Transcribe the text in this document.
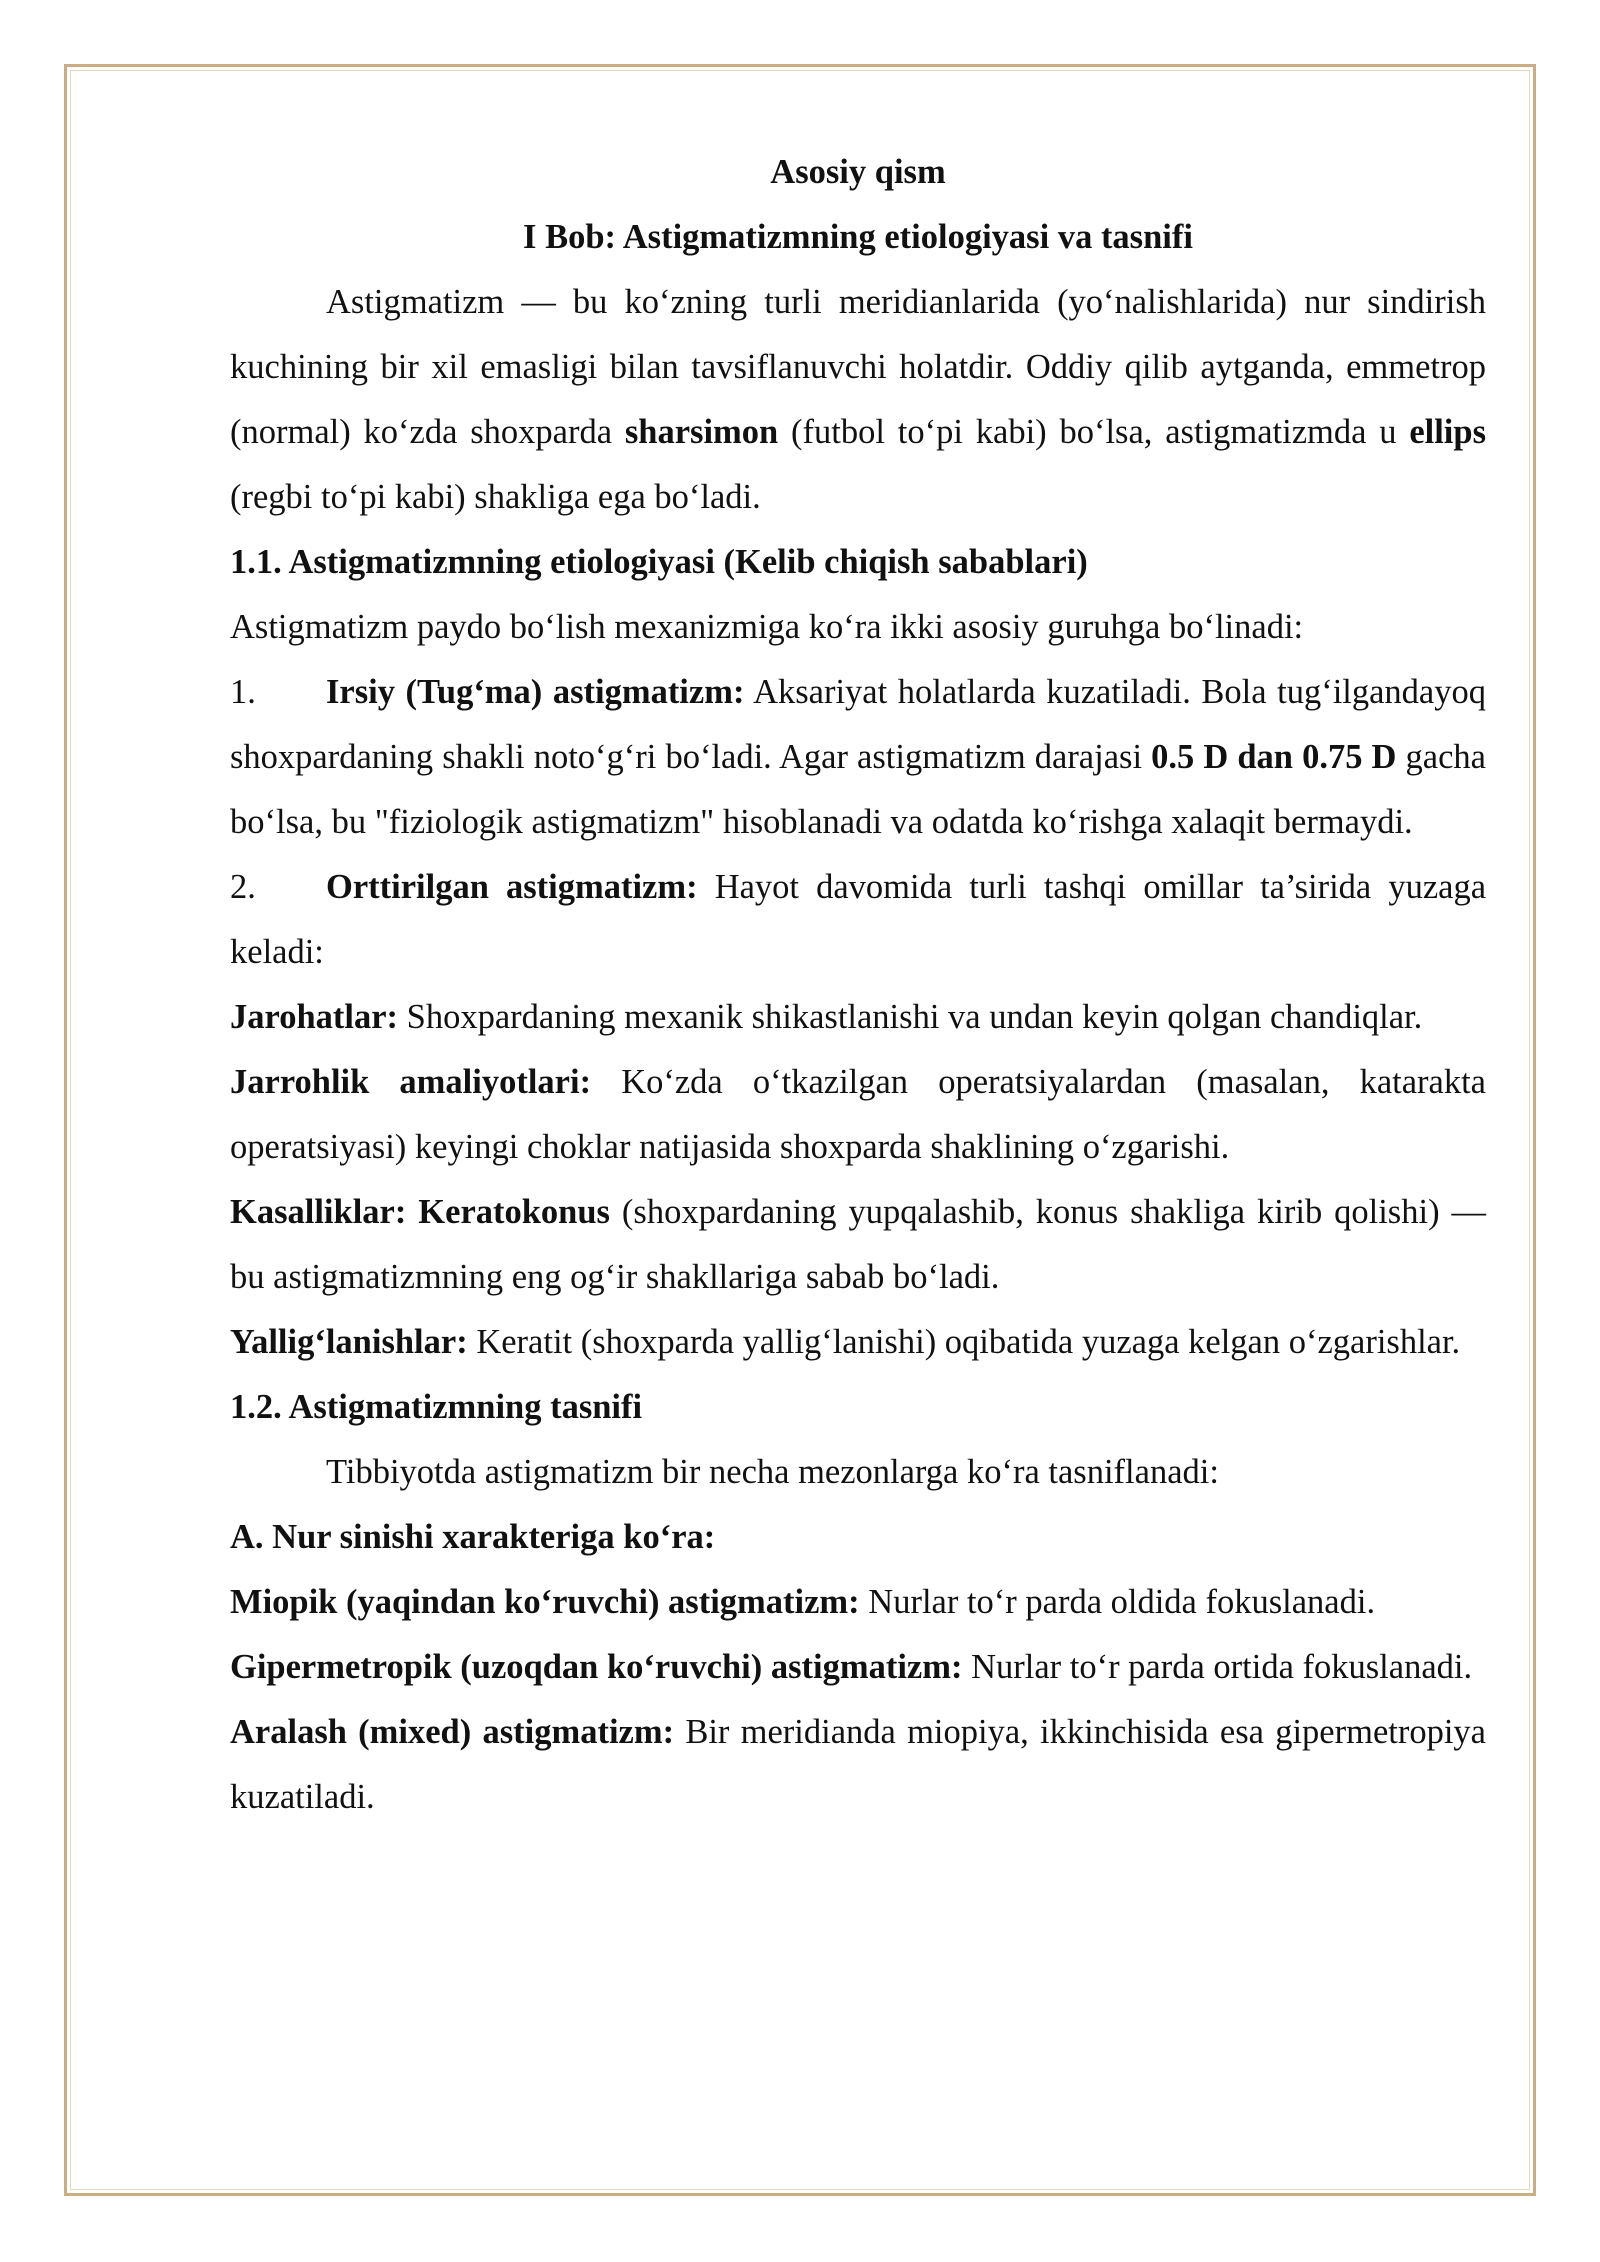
Asosiy qism

I Bob: Astigmatizmning etiologiyasi va tasnifi

Astigmatizm — bu ko‘zning turli meridianlarida (yo‘nalishlarida) nur sindirish kuchining bir xil emasligi bilan tavsiflanuvchi holatdir. Oddiy qilib aytganda, emmetrop (normal) ko‘zda shoxparda sharsimon (futbol to‘pi kabi) bo‘lsa, astigmatizmda u ellips (regbi to‘pi kabi) shakliga ega bo‘ladi.

1.1. Astigmatizmning etiologiyasi (Kelib chiqish sabablari)

Astigmatizm paydo bo‘lish mexanizmiga ko‘ra ikki asosiy guruhga bo‘linadi:

1. Irsiy (Tug‘ma) astigmatizm: Aksariyat holatlarda kuzatiladi. Bola tug‘ilgandayoq shoxpardaning shakli noto‘g‘ri bo‘ladi. Agar astigmatizm darajasi 0.5 D dan 0.75 D gacha bo‘lsa, bu "fiziologik astigmatizm" hisoblanadi va odatda ko‘rishga xalaqit bermaydi.

2. Orttirilgan astigmatizm: Hayot davomida turli tashqi omillar ta’sirida yuzaga keladi:

Jarohatlar: Shoxpardaning mexanik shikastlanishi va undan keyin qolgan chandiqlar.

Jarrohlik amaliyotlari: Ko‘zda o‘tkazilgan operatsiyalardan (masalan, katarakta operatsiyasi) keyingi choklar natijasida shoxparda shaklining o‘zgarishi.

Kasalliklar: Keratokonus (shoxpardaning yupqalashib, konus shakliga kirib qolishi) — bu astigmatizmning eng og‘ir shakllariga sabab bo‘ladi.

Yallig‘lanishlar: Keratit (shoxparda yallig‘lanishi) oqibatida yuzaga kelgan o‘zgarishlar.

1.2. Astigmatizmning tasnifi

Tibbiyotda astigmatizm bir necha mezonlarga ko‘ra tasniflanadi:

A. Nur sinishi xarakteriga ko‘ra:

Miopik (yaqindan ko‘ruvchi) astigmatizm: Nurlar to‘r parda oldida fokuslanadi.

Gipermetropik (uzoqdan ko‘ruvchi) astigmatizm: Nurlar to‘r parda ortida fokuslanadi.

Aralash (mixed) astigmatizm: Bir meridianda miopiya, ikkinchisida esa gipermetropiya kuzatiladi.
